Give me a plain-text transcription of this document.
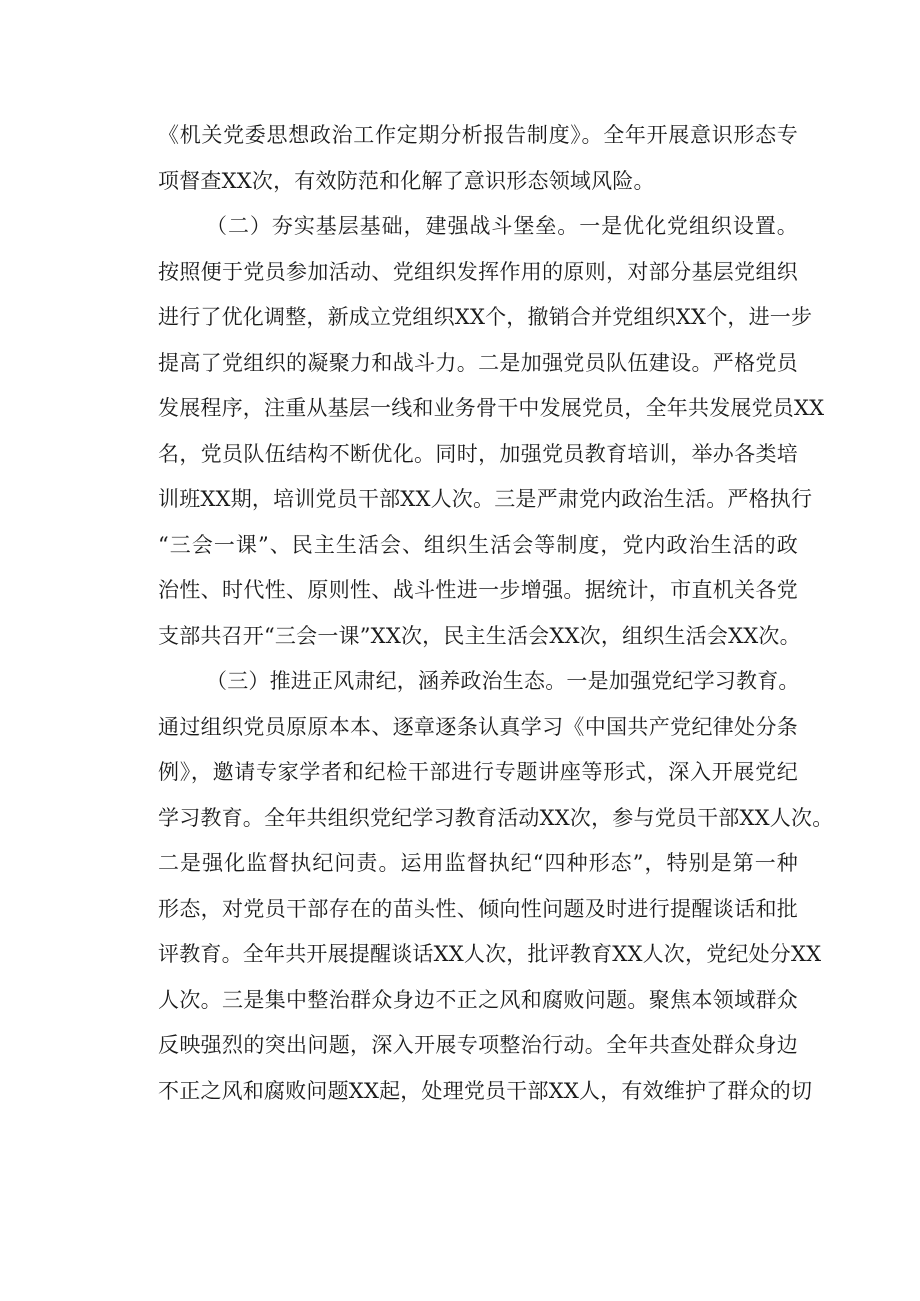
《机关党委思想政治工作定期分析报告制度》。全年开展意识形态专
项督查XX次，有效防范和化解了意识形态领域风险。
（二）夯实基层基础，建强战斗堡垒。一是优化党组织设置。
按照便于党员参加活动、党组织发挥作用的原则，对部分基层党组织
进行了优化调整，新成立党组织XX个，撤销合并党组织XX个，进一步
提高了党组织的凝聚力和战斗力。二是加强党员队伍建设。严格党员
发展程序，注重从基层一线和业务骨干中发展党员，全年共发展党员XX
名，党员队伍结构不断优化。同时，加强党员教育培训，举办各类培
训班XX期，培训党员干部XX人次。三是严肃党内政治生活。严格执行
“三会一课”、民主生活会、组织生活会等制度，党内政治生活的政
治性、时代性、原则性、战斗性进一步增强。据统计，市直机关各党
支部共召开“三会一课”XX次，民主生活会XX次，组织生活会XX次。
（三）推进正风肃纪，涵养政治生态。一是加强党纪学习教育。
通过组织党员原原本本、逐章逐条认真学习《中国共产党纪律处分条
例》，邀请专家学者和纪检干部进行专题讲座等形式，深入开展党纪
学习教育。全年共组织党纪学习教育活动XX次，参与党员干部XX人次。
二是强化监督执纪问责。运用监督执纪“四种形态”，特别是第一种
形态，对党员干部存在的苗头性、倾向性问题及时进行提醒谈话和批
评教育。全年共开展提醒谈话XX人次，批评教育XX人次，党纪处分XX
人次。三是集中整治群众身边不正之风和腐败问题。聚焦本领域群众
反映强烈的突出问题，深入开展专项整治行动。全年共查处群众身边
不正之风和腐败问题XX起，处理党员干部XX人，有效维护了群众的切
